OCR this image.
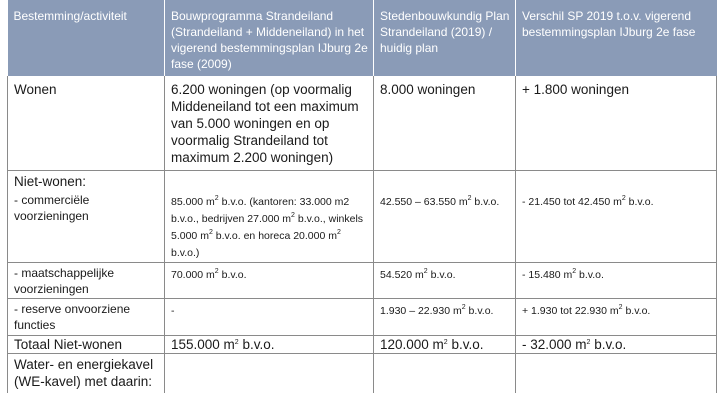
Bestemming/activiteit	Bouwprogramma Strandeiland (Strandeiland + Middeneiland) in het vigerend bestemmingsplan IJburg 2e fase (2009)	Stedenbouwkundig Plan Strandeiland (2019) / huidig plan	Verschil SP 2019 t.o.v. vigerend bestemmingsplan IJburg 2e fase
Wonen	6.200 woningen (op voormalig Middeneiland tot een maximum van 5.000 woningen en op voormalig Strandeiland tot maximum 2.200 woningen)	8.000 woningen	+ 1.800 woningen
Niet-wonen:			
- commerciële voorzieningen	85.000 $m^2$ b.v.o. (kantoren: 33.000 m2 b.v.o., bedrijven 27.000 $m^2$ b.v.o., winkels 5.000 $m^2$ b.v.o. en horeca 20.000 $m^2$ b.v.o.)	42.550 – 63.550 $m^2$ b.v.o.	- 21.450 tot 42.450 $m^2$ b.v.o.
- maatschappelijke voorzieningen	70.000 $m^2$ b.v.o.	54.520 $m^2$ b.v.o.	- 15.480 $m^2$ b.v.o.
- reserve onvoorziene functies	-	1.930 – 22.930 $m^2$ b.v.o.	+ 1.930 tot 22.930 $m^2$ b.v.o.
Totaal Niet-wonen	155.000 $m^2$ b.v.o.	120.000 $m^2$ b.v.o.	- 32.000 $m^2$ b.v.o.
Water- en energiekavel (WE-kavel) met daarin:			
